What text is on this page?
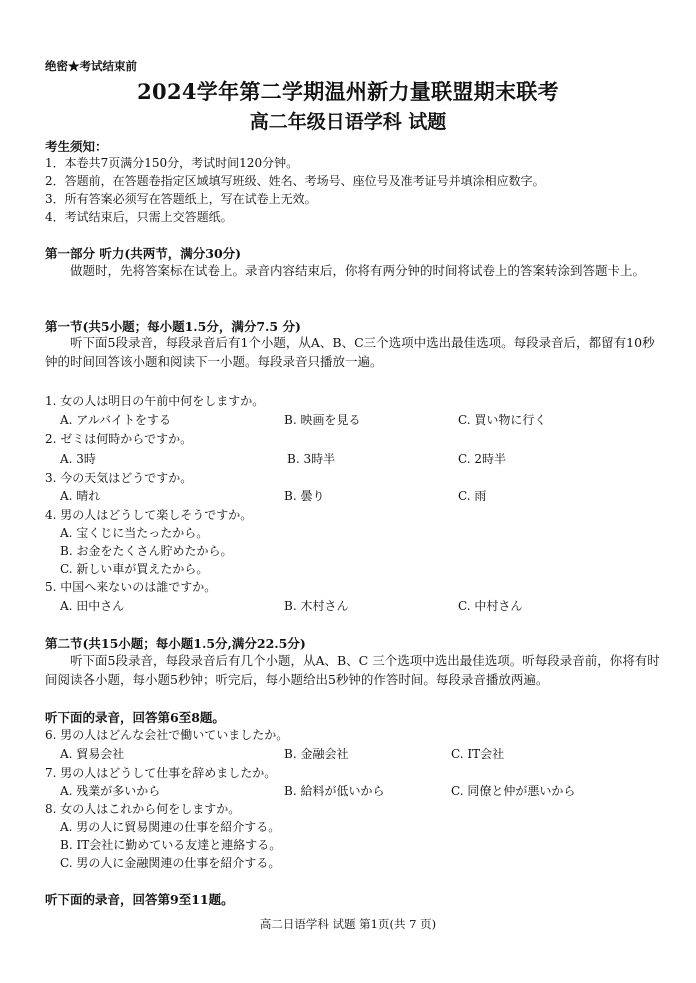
绝密★考试结束前
2024学年第二学期温州新力量联盟期末联考
高二年级日语学科 试题
考生须知：
1．本卷共7页满分150分，考试时间120分钟。
2．答题前，在答题卷指定区域填写班级、姓名、考场号、座位号及准考证号并填涂相应数字。
3．所有答案必须写在答题纸上，写在试卷上无效。
4．考试结束后，只需上交答题纸。
第一部分 听力(共两节，满分30分)
做题时，先将答案标在试卷上。录音内容结束后，你将有两分钟的时间将试卷上的答案转涂到答题卡上。
第一节(共5小题；每小题1.5分，满分7.5 分)
听下面5段录音，每段录音后有1个小题，从A、B、C三个选项中选出最佳选项。每段录音后，都留有10秒钟的时间回答该小题和阅读下一小题。每段录音只播放一遍。
1. 女の人は明日の午前中何をしますか。
A. アルバイトをする	B. 映画を見る	C. 買い物に行く
2. ゼミは何時からですか。
A. 3時	B. 3時半	C. 2時半
3. 今の天気はどうですか。
A. 晴れ	B. 曇り	C. 雨
4. 男の人はどうして楽しそうですか。
A. 宝くじに当たったから。
B. お金をたくさん貯めたから。
C. 新しい車が買えたから。
5. 中国へ来ないのは誰ですか。
A. 田中さん	B. 木村さん	C. 中村さん
第二节(共15小题；每小题1.5分,满分22.5分)
听下面5段录音，每段录音后有几个小题，从A、B、C 三个选项中选出最佳选项。听每段录音前，你将有时间阅读各小题，每小题5秒钟；听完后，每小题给出5秒钟的作答时间。每段录音播放两遍。
听下面的录音，回答第6至8题。
6. 男の人はどんな会社で働いていましたか。
A. 貿易会社	B. 金融会社	C. IT会社
7. 男の人はどうして仕事を辞めましたか。
A. 残業が多いから	B. 給料が低いから	C. 同僚と仲が悪いから
8. 女の人はこれから何をしますか。
A. 男の人に貿易関連の仕事を紹介する。
B. IT会社に勤めている友達と連絡する。
C. 男の人に金融関連の仕事を紹介する。
听下面的录音，回答第9至11题。
高二日语学科 试题 第1页(共 7 页)
